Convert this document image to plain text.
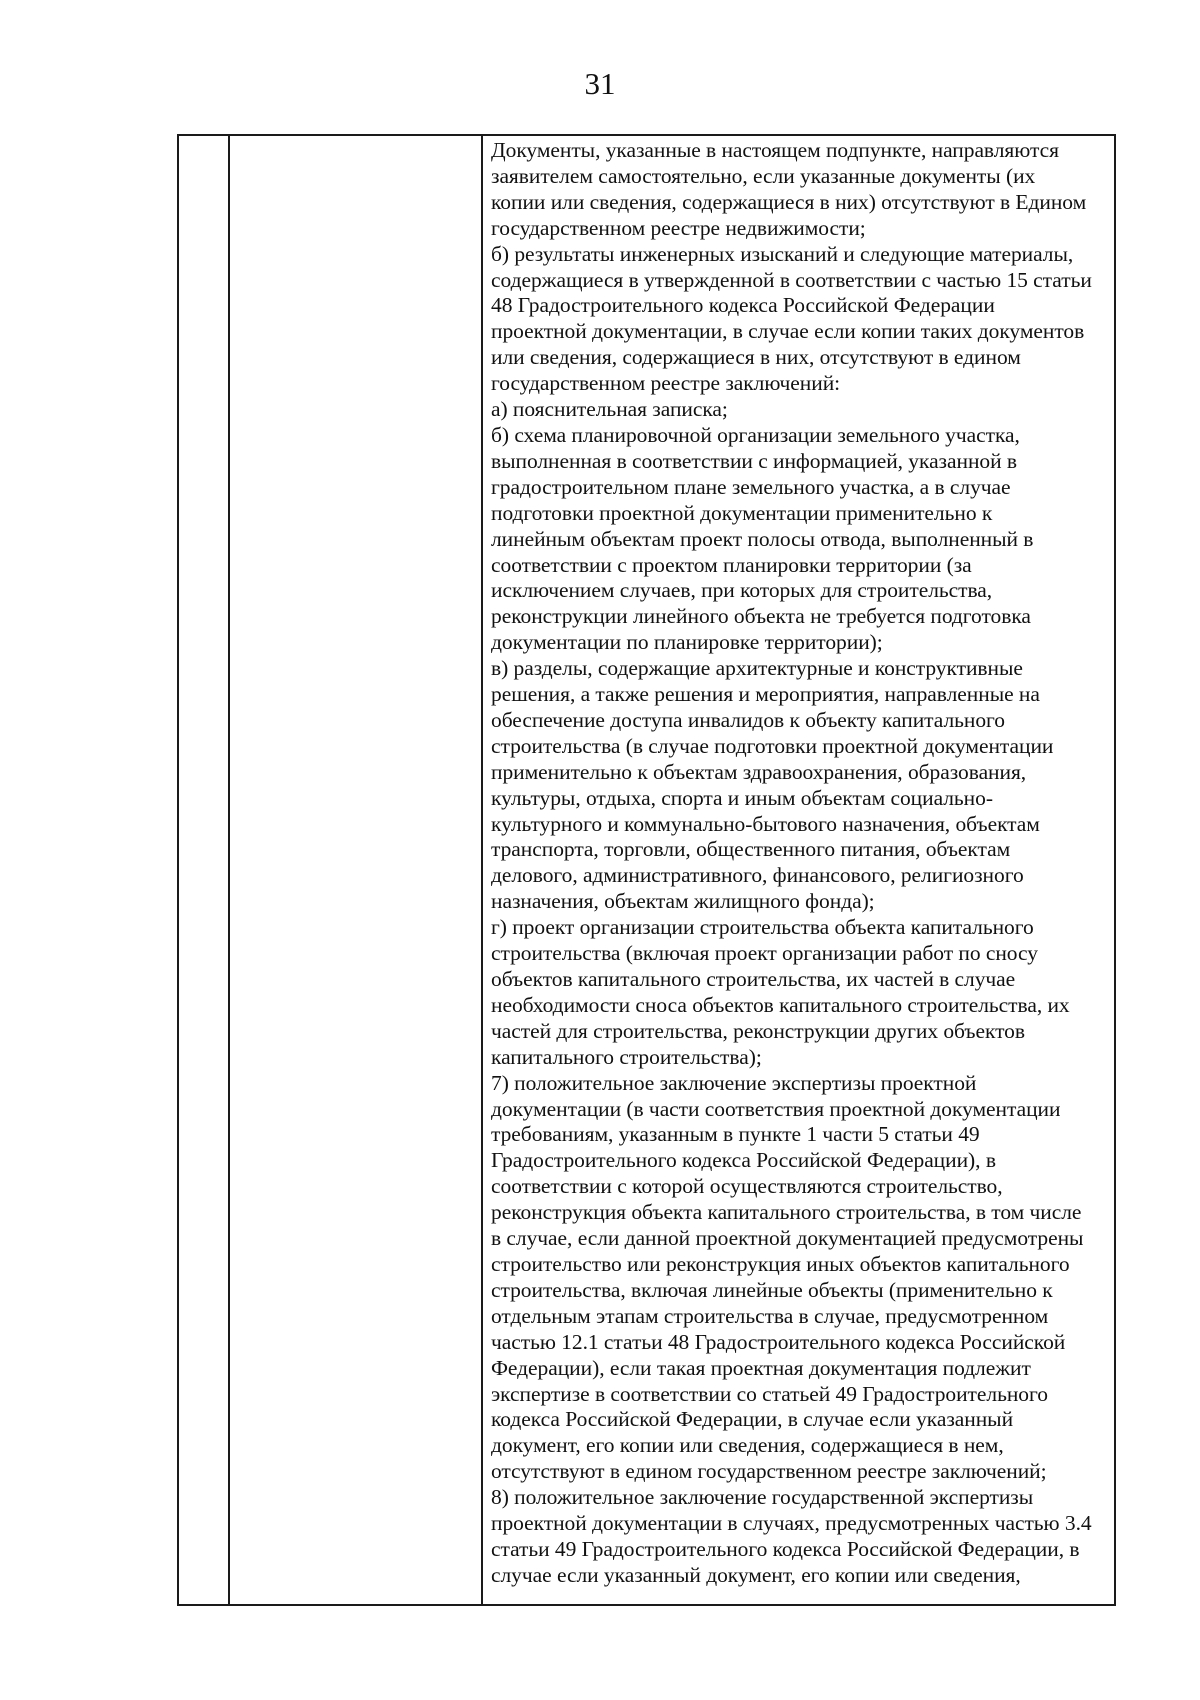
31
Документы, указанные в настоящем подпункте, направляются
заявителем самостоятельно, если указанные документы (их
копии или сведения, содержащиеся в них) отсутствуют в Едином
государственном реестре недвижимости;
б) результаты инженерных изысканий и следующие материалы,
содержащиеся в утвержденной в соответствии с частью 15 статьи
48 Градостроительного кодекса Российской Федерации
проектной документации, в случае если копии таких документов
или сведения, содержащиеся в них, отсутствуют в едином
государственном реестре заключений:
а) пояснительная записка;
б) схема планировочной организации земельного участка,
выполненная в соответствии с информацией, указанной в
градостроительном плане земельного участка, а в случае
подготовки проектной документации применительно к
линейным объектам проект полосы отвода, выполненный в
соответствии с проектом планировки территории (за
исключением случаев, при которых для строительства,
реконструкции линейного объекта не требуется подготовка
документации по планировке территории);
в) разделы, содержащие архитектурные и конструктивные
решения, а также решения и мероприятия, направленные на
обеспечение доступа инвалидов к объекту капитального
строительства (в случае подготовки проектной документации
применительно к объектам здравоохранения, образования,
культуры, отдыха, спорта и иным объектам социально-
культурного и коммунально-бытового назначения, объектам
транспорта, торговли, общественного питания, объектам
делового, административного, финансового, религиозного
назначения, объектам жилищного фонда);
г) проект организации строительства объекта капитального
строительства (включая проект организации работ по сносу
объектов капитального строительства, их частей в случае
необходимости сноса объектов капитального строительства, их
частей для строительства, реконструкции других объектов
капитального строительства);
7) положительное заключение экспертизы проектной
документации (в части соответствия проектной документации
требованиям, указанным в пункте 1 части 5 статьи 49
Градостроительного кодекса Российской Федерации), в
соответствии с которой осуществляются строительство,
реконструкция объекта капитального строительства, в том числе
в случае, если данной проектной документацией предусмотрены
строительство или реконструкция иных объектов капитального
строительства, включая линейные объекты (применительно к
отдельным этапам строительства в случае, предусмотренном
частью 12.1 статьи 48 Градостроительного кодекса Российской
Федерации), если такая проектная документация подлежит
экспертизе в соответствии со статьей 49 Градостроительного
кодекса Российской Федерации, в случае если указанный
документ, его копии или сведения, содержащиеся в нем,
отсутствуют в едином государственном реестре заключений;
8) положительное заключение государственной экспертизы
проектной документации в случаях, предусмотренных частью 3.4
статьи 49 Градостроительного кодекса Российской Федерации, в
случае если указанный документ, его копии или сведения,
